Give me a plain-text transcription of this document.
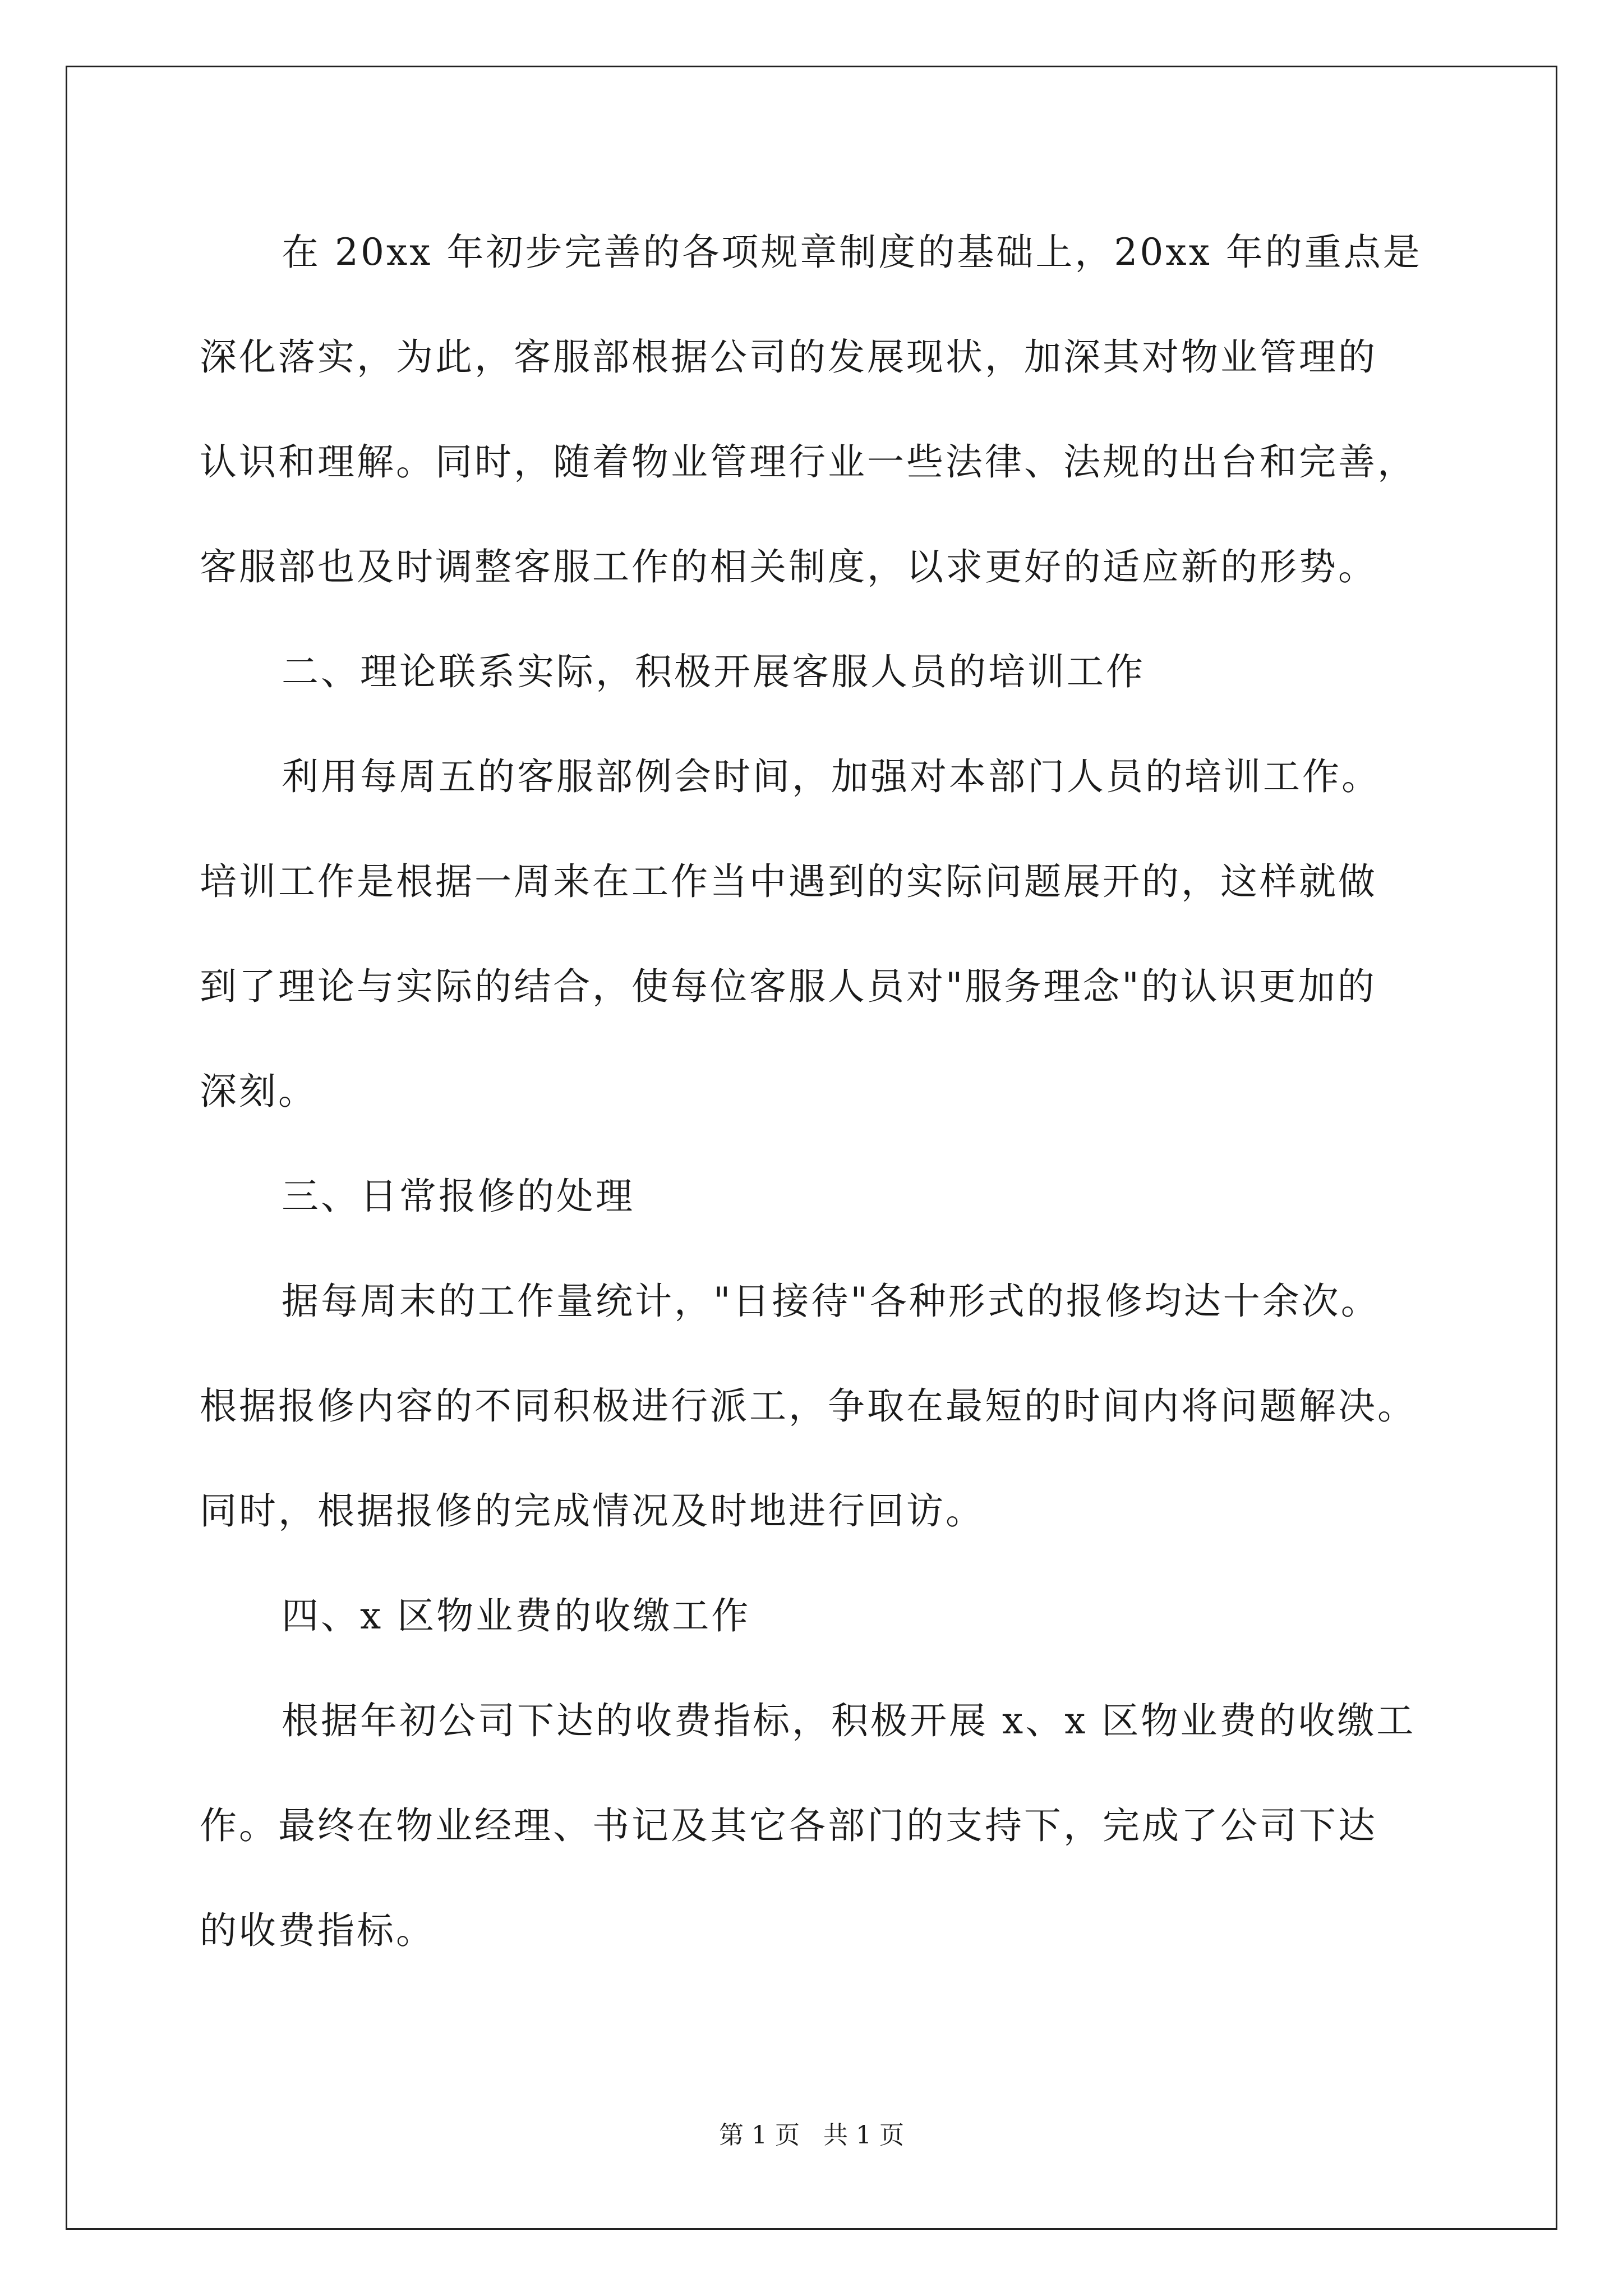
在 20xx 年初步完善的各项规章制度的基础上，20xx 年的重点是
深化落实，为此，客服部根据公司的发展现状，加深其对物业管理的
认识和理解。同时，随着物业管理行业一些法律、法规的出台和完善，
客服部也及时调整客服工作的相关制度，以求更好的适应新的形势。
二、理论联系实际，积极开展客服人员的培训工作
利用每周五的客服部例会时间，加强对本部门人员的培训工作。
培训工作是根据一周来在工作当中遇到的实际问题展开的，这样就做
到了理论与实际的结合，使每位客服人员对"服务理念"的认识更加的
深刻。
三、日常报修的处理
据每周末的工作量统计，"日接待"各种形式的报修均达十余次。
根据报修内容的不同积极进行派工，争取在最短的时间内将问题解决。
同时，根据报修的完成情况及时地进行回访。
四、x 区物业费的收缴工作
根据年初公司下达的收费指标，积极开展 x、x 区物业费的收缴工
作。最终在物业经理、书记及其它各部门的支持下，完成了公司下达
的收费指标。
第 1 页   共 1 页
